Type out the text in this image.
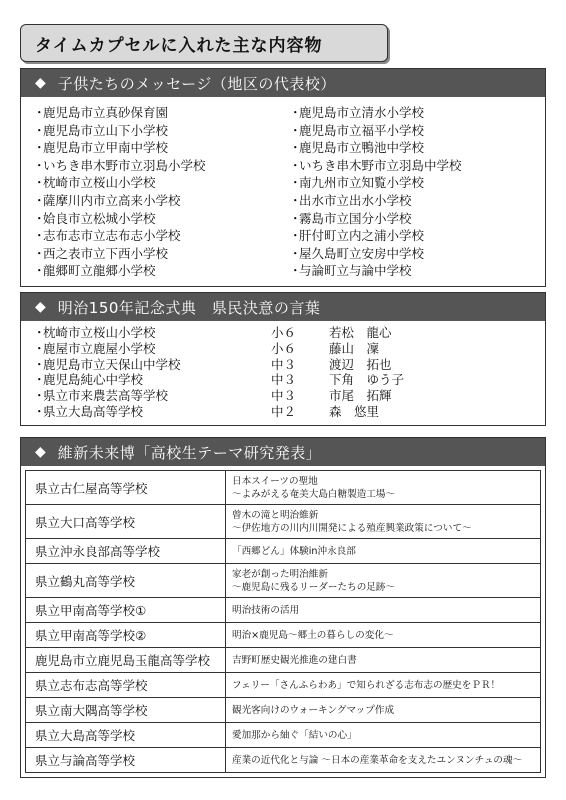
タイムカプセルに入れた主な内容物
◆ 子供たちのメッセージ（地区の代表校）
・鹿児島市立真砂保育園
・鹿児島市立山下小学校
・鹿児島市立甲南中学校
・いちき串木野市立羽島小学校
・枕崎市立桜山小学校
・薩摩川内市立高来小学校
・姶良市立松城小学校
・志布志市立志布志小学校
・西之表市立下西小学校
・龍郷町立龍郷小学校
・鹿児島市立清水小学校
・鹿児島市立福平小学校
・鹿児島市立鴨池中学校
・いちき串木野市立羽島中学校
・南九州市立知覧小学校
・出水市立出水小学校
・霧島市立国分小学校
・肝付町立内之浦小学校
・屋久島町立安房中学校
・与論町立与論中学校
◆ 明治150年記念式典　県民決意の言葉
・
枕崎市立桜山小学校	小６	若松　龍心
・
鹿屋市立鹿屋小学校	小６	藤山　凜
・
鹿児島市立天保山中学校	中３	渡辺　拓也
・
鹿児島純心中学校	中３	下角　ゆう子
・
県立市来農芸高等学校	中３	市尾　拓輝
・
県立大島高等学校	中２	森　悠里
◆ 維新未来博「高校生テーマ研究発表」
県立古仁屋高等学校	日本スイーツの聖地
～よみがえる奄美大島白糖製造工場～

県立大口高等学校	曾木の滝と明治維新
～伊佐地方の川内川開発による殖産興業政策について～

県立沖永良部高等学校	「西郷どん」体験in沖永良部

県立鶴丸高等学校	家老が創った明治維新
～鹿児島に残るリーダーたちの足跡～

県立甲南高等学校①	明治技術の活用

県立甲南高等学校②	明治×鹿児島～郷土の暮らしの変化～

鹿児島市立鹿児島玉龍高等学校	吉野町歴史観光推進の建白書

県立志布志高等学校	フェリー「さんふらわあ」で知られざる志布志の歴史をＰＲ！

県立南大隅高等学校	観光客向けのウォーキングマップ作成

県立大島高等学校	愛加那から紬ぐ「結いの心」

県立与論高等学校	産業の近代化と与論 ～日本の産業革命を支えたユンヌンチュの魂～
